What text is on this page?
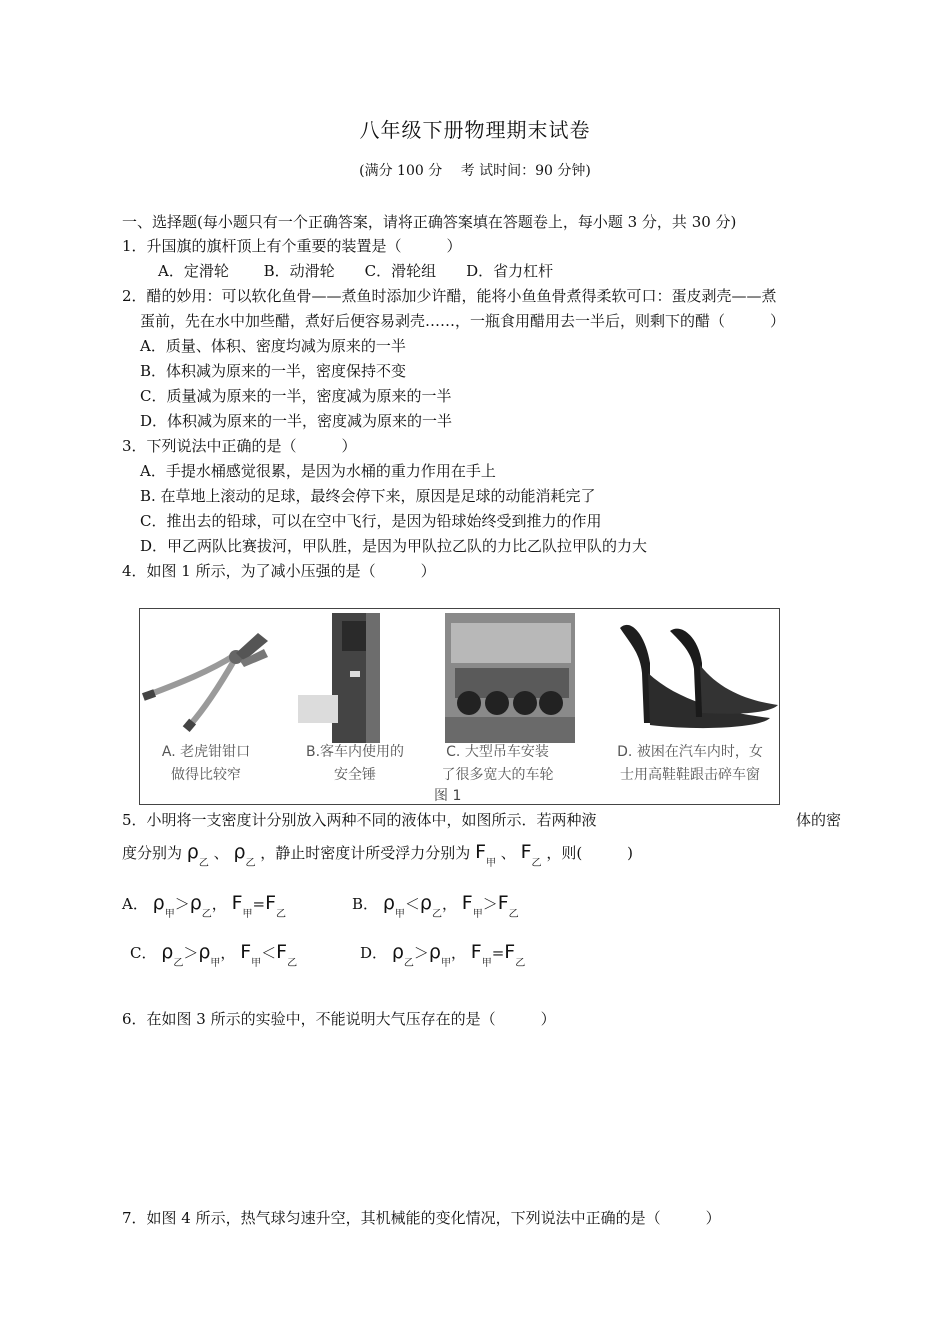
八年级下册物理期末试卷
(满分 100 分　 考 试时间：90 分钟)
一、选择题(每小题只有一个正确答案，请将正确答案填在答题卷上，每小题 3 分，共 30 分)
1．升国旗的旗杆顶上有个重要的装置是（　　　）
A．定滑轮　　 B．动滑轮　　C．滑轮组　　D．省力杠杆
2．醋的妙用：可以软化鱼骨——煮鱼时添加少许醋，能将小鱼鱼骨煮得柔软可口：蛋皮剥壳——煮
蛋前，先在水中加些醋，煮好后便容易剥壳……，一瓶食用醋用去一半后，则剩下的醋（　　　）
A．质量、体积、密度均减为原来的一半
B．体积减为原来的一半，密度保持不变
C．质量减为原来的一半，密度减为原来的一半
D．体积减为原来的一半，密度减为原来的一半
3．下列说法中正确的是（　　　）
A．手提水桶感觉很累，是因为水桶的重力作用在手上
B. 在草地上滚动的足球，最终会停下来，原因是足球的动能消耗完了
C．推出去的铅球，可以在空中飞行，是因为铅球始终受到推力的作用
D．甲乙两队比赛拔河，甲队胜，是因为甲队拉乙队的力比乙队拉甲队的力大
4．如图 1 所示，为了减小压强的是（　　　）
A. 老虎钳钳口
做得比较窄
B.客车内使用的
安全锤
C. 大型吊车安装
了很多宽大的车轮
D. 被困在汽车内时，女
士用高鞋鞋跟击碎车窗
图 1
5．小明将一支密度计分别放入两种不同的液体中，如图所示．若两种液	体的密
度分别为 $\rho_乙$ 、 $\rho_乙$ ，静止时密度计所受浮力分别为 $F_甲$ 、 $F_乙$ ，则(　　　)
A． $\rho_甲>\rho_乙$， $F_甲=F_乙$
B． $\rho_甲<\rho_乙$， $F_甲>F_乙$
C． $\rho_乙>\rho_甲$， $F_甲<F_乙$
D． $\rho_乙>\rho_甲$， $F_甲=F_乙$
6．在如图 3 所示的实验中，不能说明大气压存在的是（　　　）
7．如图 4 所示，热气球匀速升空，其机械能的变化情况，下列说法中正确的是（　　　）
